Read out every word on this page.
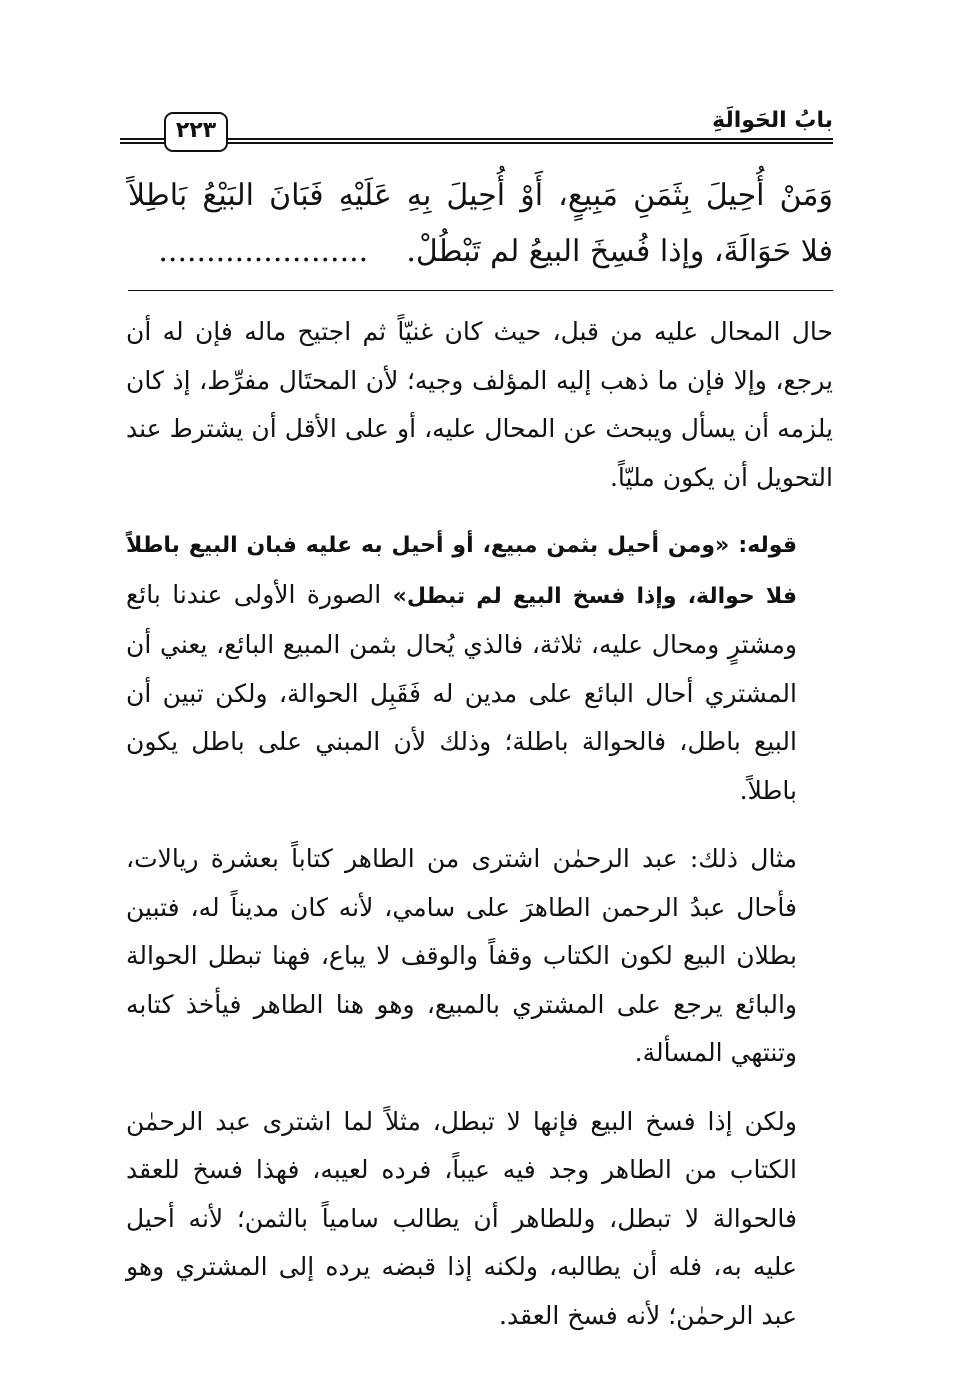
٢٢٣	بابُ الحَوالَةِ
وَمَنْ أُحِيلَ بِثَمَنِ مَبِيعٍ، أَوْ أُحِيلَ بِهِ عَلَيْهِ فَبَانَ البَيْعُ بَاطِلاً
فلا حَوَالَةَ، وإذا فُسِخَ البيعُ لم تَبْطُلْ.    ......................

حال المحال عليه من قبل، حيث كان غنيّاً ثم اجتيح ماله فإن له أن يرجع، وإلا فإن ما ذهب إليه المؤلف وجيه؛ لأن المحتَال مفرِّط، إذ كان يلزمه أن يسأل ويبحث عن المحال عليه، أو على الأقل أن يشترط عند التحويل أن يكون مليّاً.

قوله: «ومن أحيل بثمن مبيع، أو أحيل به عليه فبان البيع باطلاً فلا حوالة، وإذا فسخ البيع لم تبطل» الصورة الأولى عندنا بائع ومشترٍ ومحال عليه، ثلاثة، فالذي يُحال بثمن المبيع البائع، يعني أن المشتري أحال البائع على مدين له فَقَبِل الحوالة، ولكن تبين أن البيع باطل، فالحوالة باطلة؛ وذلك لأن المبني على باطل يكون باطلاً.

مثال ذلك: عبد الرحمٰن اشترى من الطاهر كتاباً بعشرة ريالات، فأحال عبدُ الرحمن الطاهرَ على سامي، لأنه كان مديناً له، فتبين بطلان البيع لكون الكتاب وقفاً والوقف لا يباع، فهنا تبطل الحوالة والبائع يرجع على المشتري بالمبيع، وهو هنا الطاهر فيأخذ كتابه وتنتهي المسألة.

ولكن إذا فسخ البيع فإنها لا تبطل، مثلاً لما اشترى عبد الرحمٰن الكتاب من الطاهر وجد فيه عيباً، فرده لعيبه، فهذا فسخ للعقد فالحوالة لا تبطل، وللطاهر أن يطالب سامياً بالثمن؛ لأنه أحيل عليه به، فله أن يطالبه، ولكنه إذا قبضه يرده إلى المشتري وهو عبد الرحمٰن؛ لأنه فسخ العقد.
